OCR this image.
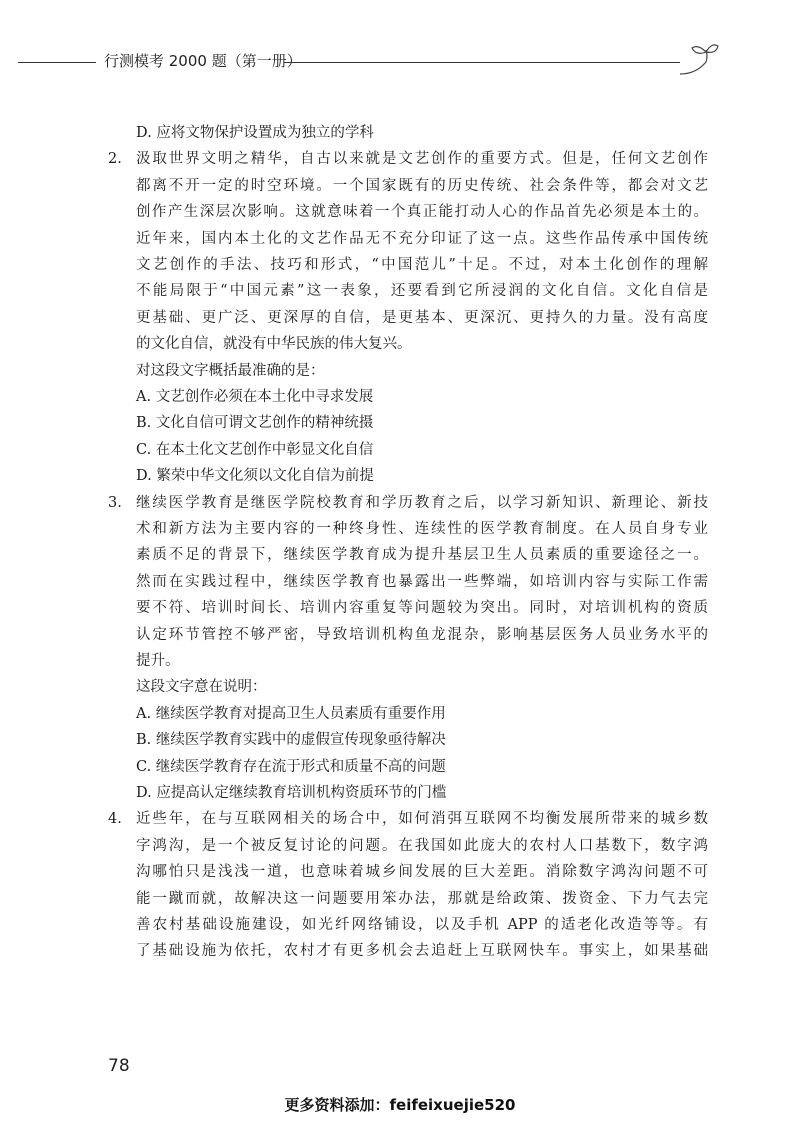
行测模考 2000 题（第一册）
D. 应将文物保护设置成为独立的学科
2. 汲取世界文明之精华，自古以来就是文艺创作的重要方式。但是，任何文艺创作
都离不开一定的时空环境。一个国家既有的历史传统、社会条件等，都会对文艺
创作产生深层次影响。这就意味着一个真正能打动人心的作品首先必须是本土的。
近年来，国内本土化的文艺作品无不充分印证了这一点。这些作品传承中国传统
文艺创作的手法、技巧和形式，“中国范儿”十足。不过，对本土化创作的理解
不能局限于“中国元素”这一表象，还要看到它所浸润的文化自信。文化自信是
更基础、更广泛、更深厚的自信，是更基本、更深沉、更持久的力量。没有高度
的文化自信，就没有中华民族的伟大复兴。
对这段文字概括最准确的是：
A. 文艺创作必须在本土化中寻求发展
B. 文化自信可谓文艺创作的精神统摄
C. 在本土化文艺创作中彰显文化自信
D. 繁荣中华文化须以文化自信为前提
3. 继续医学教育是继医学院校教育和学历教育之后，以学习新知识、新理论、新技
术和新方法为主要内容的一种终身性、连续性的医学教育制度。在人员自身专业
素质不足的背景下，继续医学教育成为提升基层卫生人员素质的重要途径之一。
然而在实践过程中，继续医学教育也暴露出一些弊端，如培训内容与实际工作需
要不符、培训时间长、培训内容重复等问题较为突出。同时，对培训机构的资质
认定环节管控不够严密，导致培训机构鱼龙混杂，影响基层医务人员业务水平的
提升。
这段文字意在说明：
A. 继续医学教育对提高卫生人员素质有重要作用
B. 继续医学教育实践中的虚假宣传现象亟待解决
C. 继续医学教育存在流于形式和质量不高的问题
D. 应提高认定继续教育培训机构资质环节的门槛
4. 近些年，在与互联网相关的场合中，如何消弭互联网不均衡发展所带来的城乡数
字鸿沟，是一个被反复讨论的问题。在我国如此庞大的农村人口基数下，数字鸿
沟哪怕只是浅浅一道，也意味着城乡间发展的巨大差距。消除数字鸿沟问题不可
能一蹴而就，故解决这一问题要用笨办法，那就是给政策、拨资金、下力气去完
善农村基础设施建设，如光纤网络铺设，以及手机 APP 的适老化改造等等。有
了基础设施为依托，农村才有更多机会去追赶上互联网快车。事实上，如果基础
78
更多资料添加：feifeixuejie520
